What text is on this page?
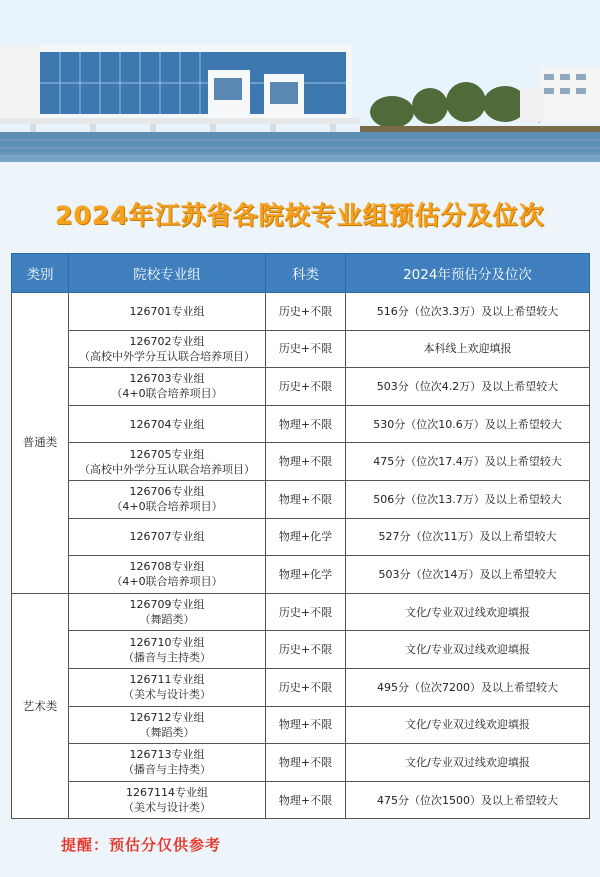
2024年江苏省各院校专业组预估分及位次
类别	院校专业组	科类	2024年预估分及位次
普通类	126701专业组	历史+不限	516分（位次3.3万）及以上希望较大

	126702专业组
（高校中外学分互认联合培养项目）	历史+不限	本科线上欢迎填报

	126703专业组
（4+0联合培养项目）	历史+不限	503分（位次4.2万）及以上希望较大

	126704专业组	物理+不限	530分（位次10.6万）及以上希望较大

	126705专业组
（高校中外学分互认联合培养项目）	物理+不限	475分（位次17.4万）及以上希望较大

	126706专业组
（4+0联合培养项目）	物理+不限	506分（位次13.7万）及以上希望较大

	126707专业组	物理+化学	527分（位次11万）及以上希望较大

	126708专业组
（4+0联合培养项目）	物理+化学	503分（位次14万）及以上希望较大
艺术类	126709专业组
（舞蹈类）	历史+不限	文化/专业双过线欢迎填报

	126710专业组
（播音与主持类）	历史+不限	文化/专业双过线欢迎填报

	126711专业组
（美术与设计类）	历史+不限	495分（位次7200）及以上希望较大

	126712专业组
（舞蹈类）	物理+不限	文化/专业双过线欢迎填报

	126713专业组
（播音与主持类）	物理+不限	文化/专业双过线欢迎填报

	1267114专业组
（美术与设计类）	物理+不限	475分（位次1500）及以上希望较大
提醒：预估分仅供参考
